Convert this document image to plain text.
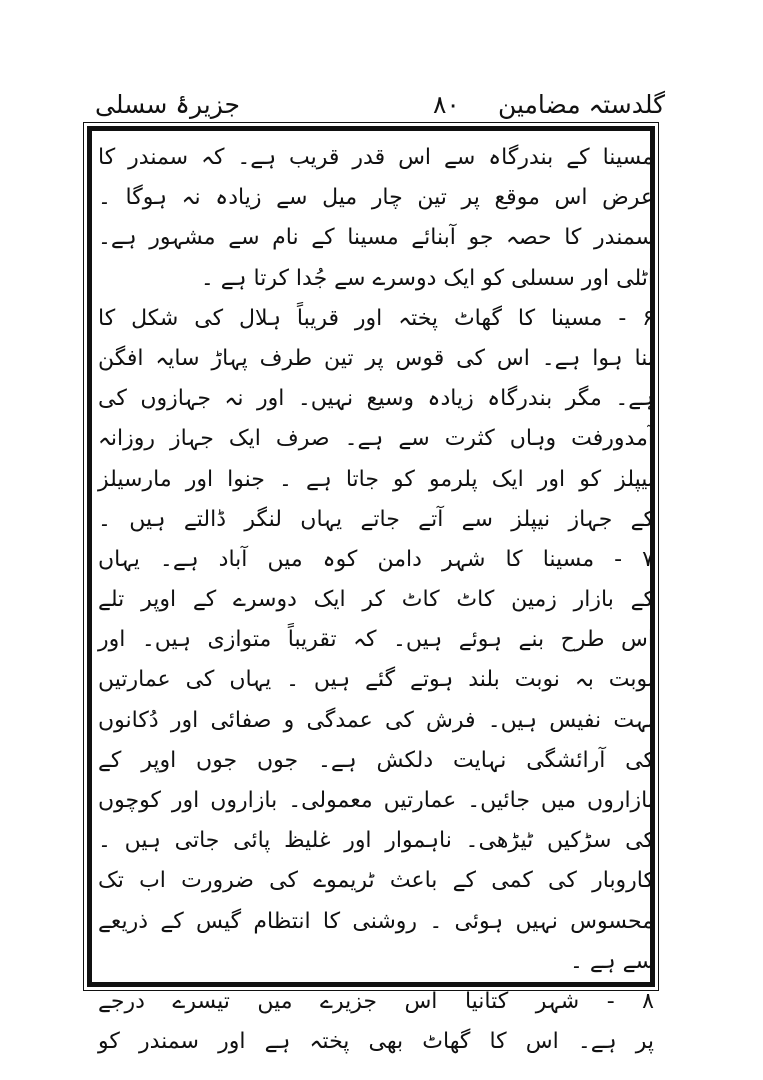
گلدستہ مضامین
۸۰
جزیرۂ سسلی
مسینا کے بندرگاہ سے اس قدر قریب ہے۔ کہ سمندر کا
عرض اس موقع پر تین چار میل سے زیادہ نہ ہوگا ۔
سمندر کا حصہ جو آبنائے مسینا کے نام سے مشہور ہے۔
اٹلی اور سسلی کو ایک دوسرے سے جُدا کرتا ہے ۔
۶ - مسینا کا گھاٹ پختہ اور قریباً ہلال کی شکل کا
بنا ہوا ہے۔ اس کی قوس پر تین طرف پہاڑ سایہ افگن
ہے۔ مگر بندرگاہ زیادہ وسیع نہیں۔ اور نہ جہازوں کی
آمدورفت وہاں کثرت سے ہے۔ صرف ایک جہاز روزانہ
نیپلز کو اور ایک پلرمو کو جاتا ہے ۔ جنوا اور مارسیلز
کے جہاز نیپلز سے آتے جاتے یہاں لنگر ڈالتے ہیں ۔
۷ - مسینا کا شہر دامن کوہ میں آباد ہے۔ یہاں
کے بازار زمین کاٹ کاٹ کر ایک دوسرے کے اوپر تلے
اس طرح بنے ہوئے ہیں۔ کہ تقریباً متوازی ہیں۔ اور
نوبت بہ نوبت بلند ہوتے گئے ہیں ۔ یہاں کی عمارتیں
بہت نفیس ہیں۔ فرش کی عمدگی و صفائی اور دُکانوں
کی آرائشگی نہایت دلکش ہے۔ جوں جوں اوپر کے
بازاروں میں جائیں۔ عمارتیں معمولی۔ بازاروں اور کوچوں
کی سڑکیں ٹیڑھی۔ ناہموار اور غلیظ پائی جاتی ہیں ۔
کاروبار کی کمی کے باعث ٹریموے کی ضرورت اب تک
محسوس نہیں ہوئی ۔ روشنی کا انتظام گیس کے ذریعے
سے ہے ۔
۸ - شہر کتانیا اس جزیرے میں تیسرے درجے
پر ہے۔ اس کا گھاٹ بھی پختہ ہے اور سمندر کو
